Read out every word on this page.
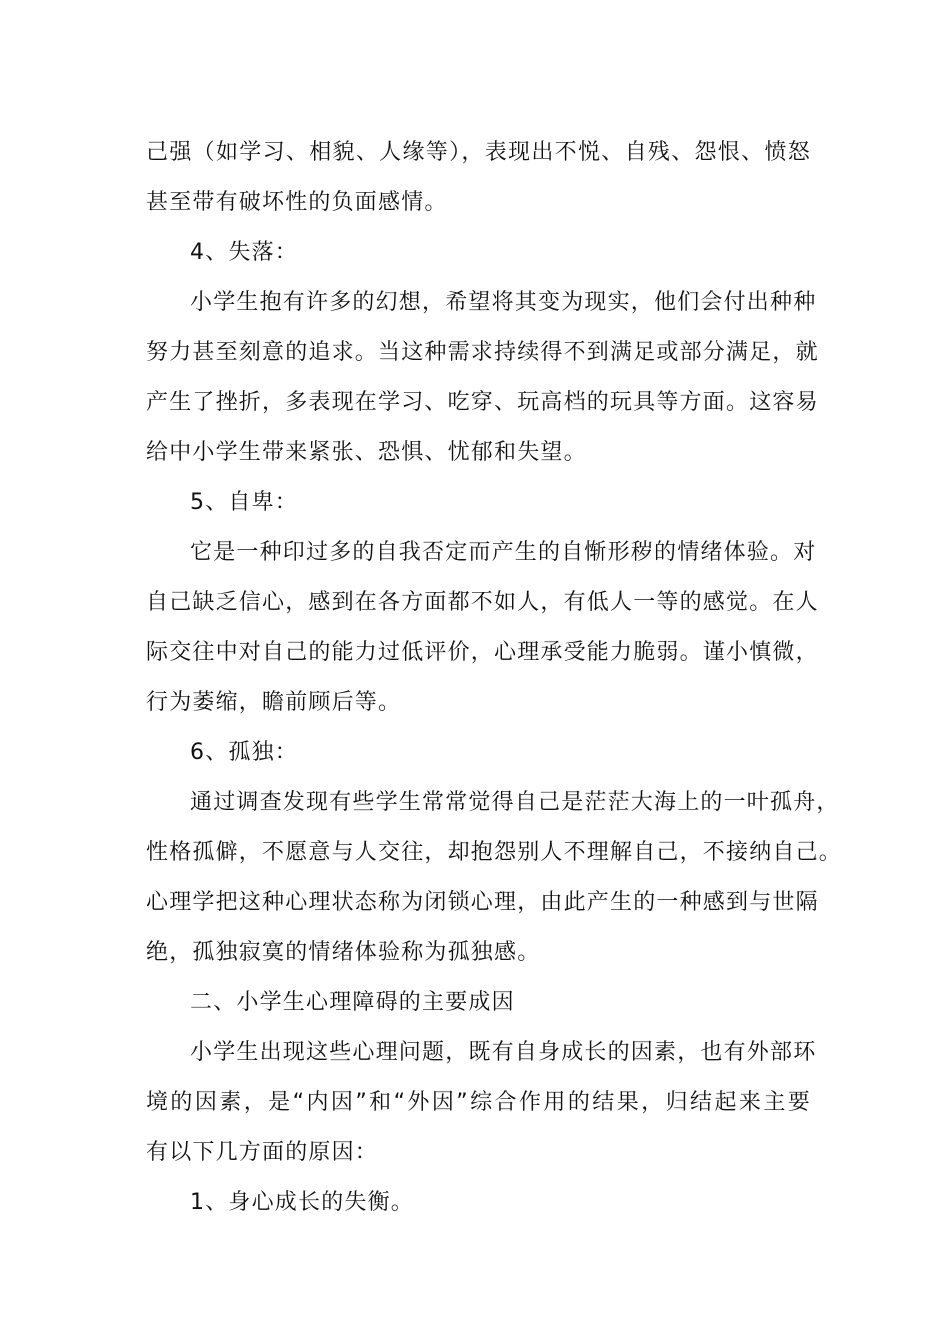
己强（如学习、相貌、人缘等），表现出不悦、自残、怨恨、愤怒
甚至带有破坏性的负面感情。
4、失落：
小学生抱有许多的幻想，希望将其变为现实，他们会付出种种
努力甚至刻意的追求。当这种需求持续得不到满足或部分满足，就
产生了挫折，多表现在学习、吃穿、玩高档的玩具等方面。这容易
给中小学生带来紧张、恐惧、忧郁和失望。
5、自卑：
它是一种印过多的自我否定而产生的自惭形秽的情绪体验。对
自己缺乏信心，感到在各方面都不如人，有低人一等的感觉。在人
际交往中对自己的能力过低评价，心理承受能力脆弱。谨小慎微，
行为萎缩，瞻前顾后等。
6、孤独：
通过调查发现有些学生常常觉得自己是茫茫大海上的一叶孤舟，
性格孤僻，不愿意与人交往，却抱怨别人不理解自己，不接纳自己。
心理学把这种心理状态称为闭锁心理，由此产生的一种感到与世隔
绝，孤独寂寞的情绪体验称为孤独感。
二、小学生心理障碍的主要成因
小学生出现这些心理问题，既有自身成长的因素，也有外部环
境的因素，是“内因”和“外因”综合作用的结果，归结起来主要
有以下几方面的原因：
1、身心成长的失衡。
